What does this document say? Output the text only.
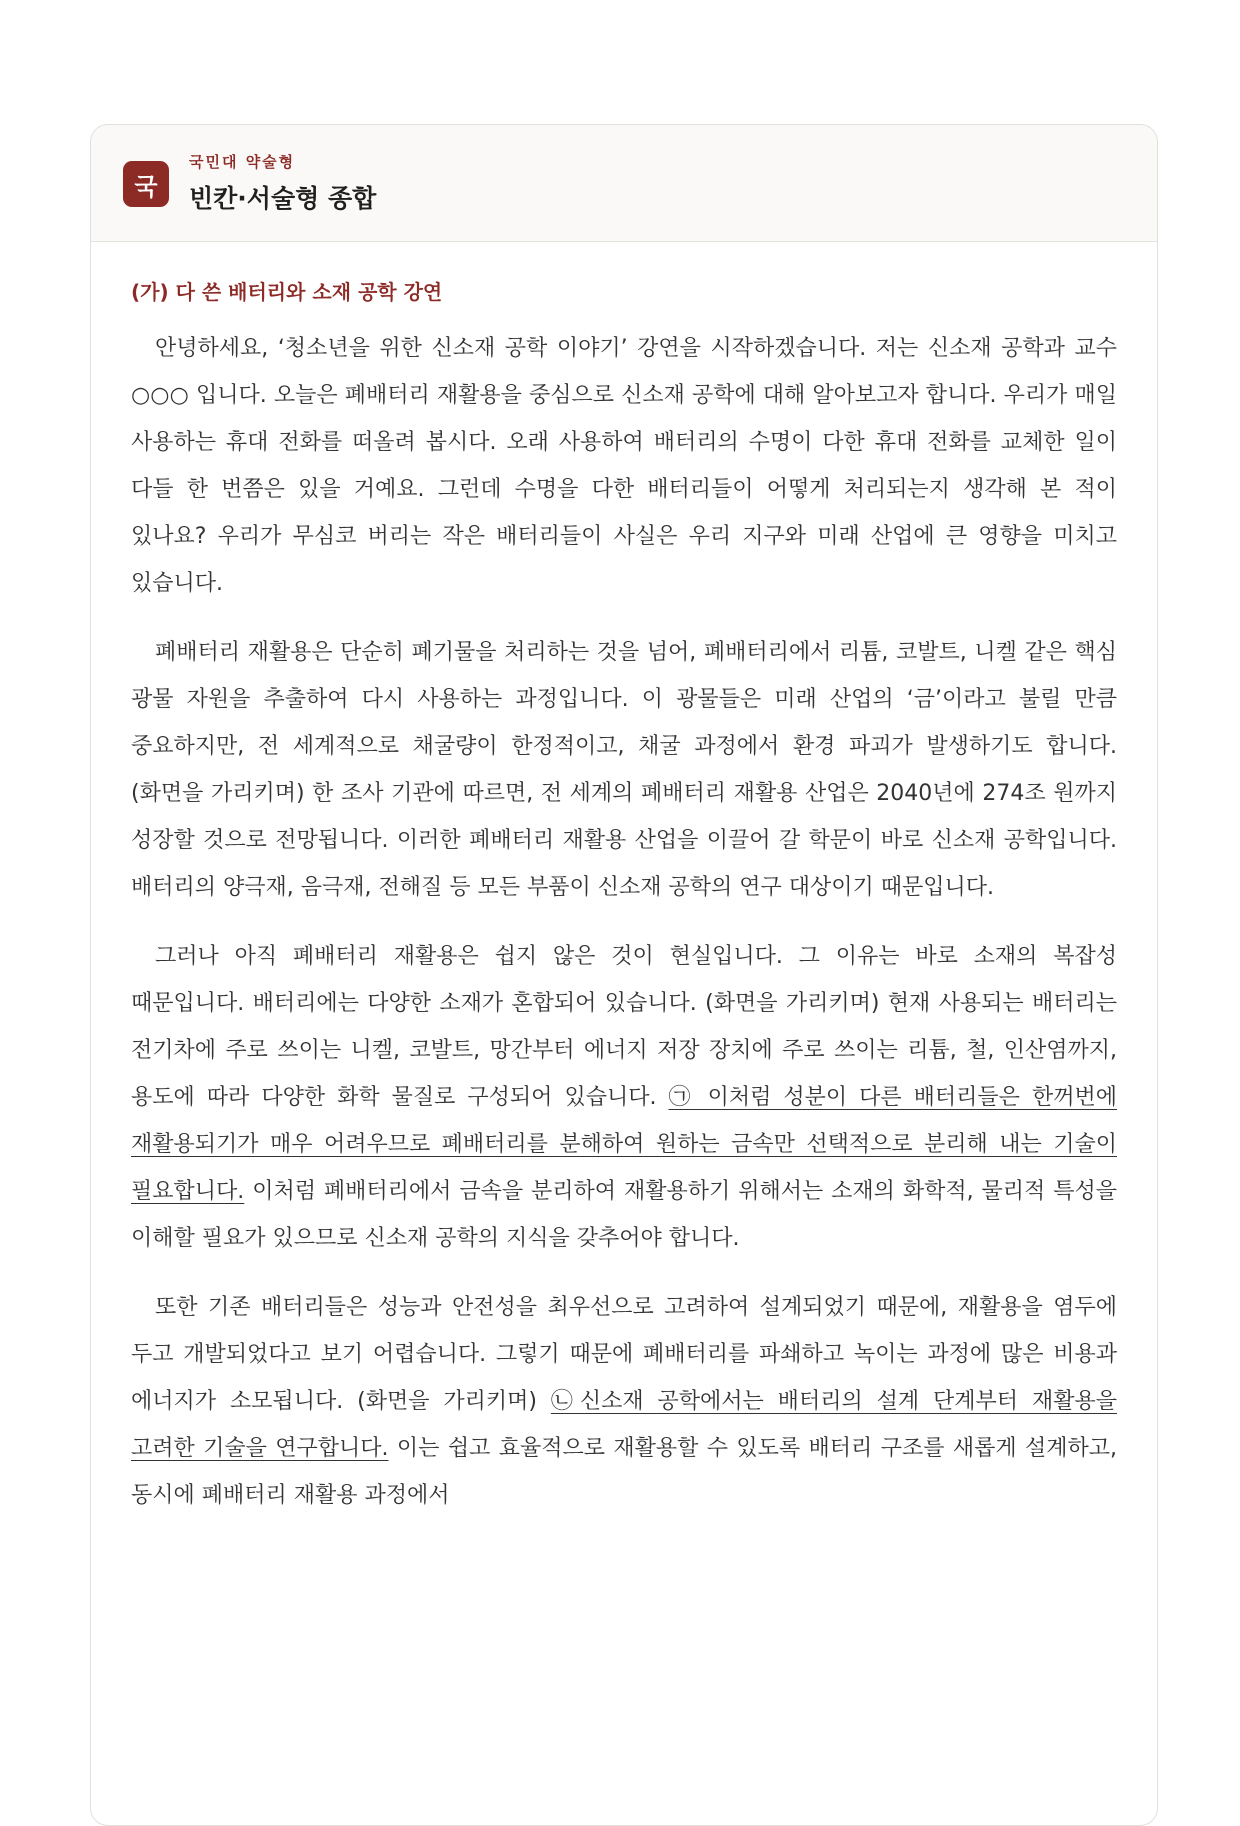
국
국민대 약술형
빈칸·서술형 종합
(가) 다 쓴 배터리와 소재 공학 강연

안녕하세요, ‘청소년을 위한 신소재 공학 이야기’ 강연을 시작하겠습니다. 저는 신소재 공학과 교수 ○○○ 입니다. 오늘은 폐배터리 재활용을 중심으로 신소재 공학에 대해 알아보고자 합니다. 우리가 매일 사용하는 휴대 전화를 떠올려 봅시다. 오래 사용하여 배터리의 수명이 다한 휴대 전화를 교체한 일이 다들 한 번쯤은 있을 거예요. 그런데 수명을 다한 배터리들이 어떻게 처리되는지 생각해 본 적이 있나요? 우리가 무심코 버리는 작은 배터리들이 사실은 우리 지구와 미래 산업에 큰 영향을 미치고 있습니다.

폐배터리 재활용은 단순히 폐기물을 처리하는 것을 넘어, 폐배터리에서 리튬, 코발트, 니켈 같은 핵심 광물 자원을 추출하여 다시 사용하는 과정입니다. 이 광물들은 미래 산업의 ‘금’이라고 불릴 만큼 중요하지만, 전 세계적으로 채굴량이 한정적이고, 채굴 과정에서 환경 파괴가 발생하기도 합니다. (화면을 가리키며) 한 조사 기관에 따르면, 전 세계의 폐배터리 재활용 산업은 2040년에 274조 원까지 성장할 것으로 전망됩니다. 이러한 폐배터리 재활용 산업을 이끌어 갈 학문이 바로 신소재 공학입니다. 배터리의 양극재, 음극재, 전해질 등 모든 부품이 신소재 공학의 연구 대상이기 때문입니다.

그러나 아직 폐배터리 재활용은 쉽지 않은 것이 현실입니다. 그 이유는 바로 소재의 복잡성 때문입니다. 배터리에는 다양한 소재가 혼합되어 있습니다. (화면을 가리키며) 현재 사용되는 배터리는 전기차에 주로 쓰이는 니켈, 코발트, 망간부터 에너지 저장 장치에 주로 쓰이는 리튬, 철, 인산염까지, 용도에 따라 다양한 화학 물질로 구성되어 있습니다. ㉠ 이처럼 성분이 다른 배터리들은 한꺼번에 재활용되기가 매우 어려우므로 폐배터리를 분해하여 원하는 금속만 선택적으로 분리해 내는 기술이 필요합니다. 이처럼 폐배터리에서 금속을 분리하여 재활용하기 위해서는 소재의 화학적, 물리적 특성을 이해할 필요가 있으므로 신소재 공학의 지식을 갖추어야 합니다.

또한 기존 배터리들은 성능과 안전성을 최우선으로 고려하여 설계되었기 때문에, 재활용을 염두에 두고 개발되었다고 보기 어렵습니다. 그렇기 때문에 폐배터리를 파쇄하고 녹이는 과정에 많은 비용과 에너지가 소모됩니다. (화면을 가리키며) ㉡신소재 공학에서는 배터리의 설계 단계부터 재활용을 고려한 기술을 연구합니다. 이는 쉽고 효율적으로 재활용할 수 있도록 배터리 구조를 새롭게 설계하고, 동시에 폐배터리 재활용 과정에서
